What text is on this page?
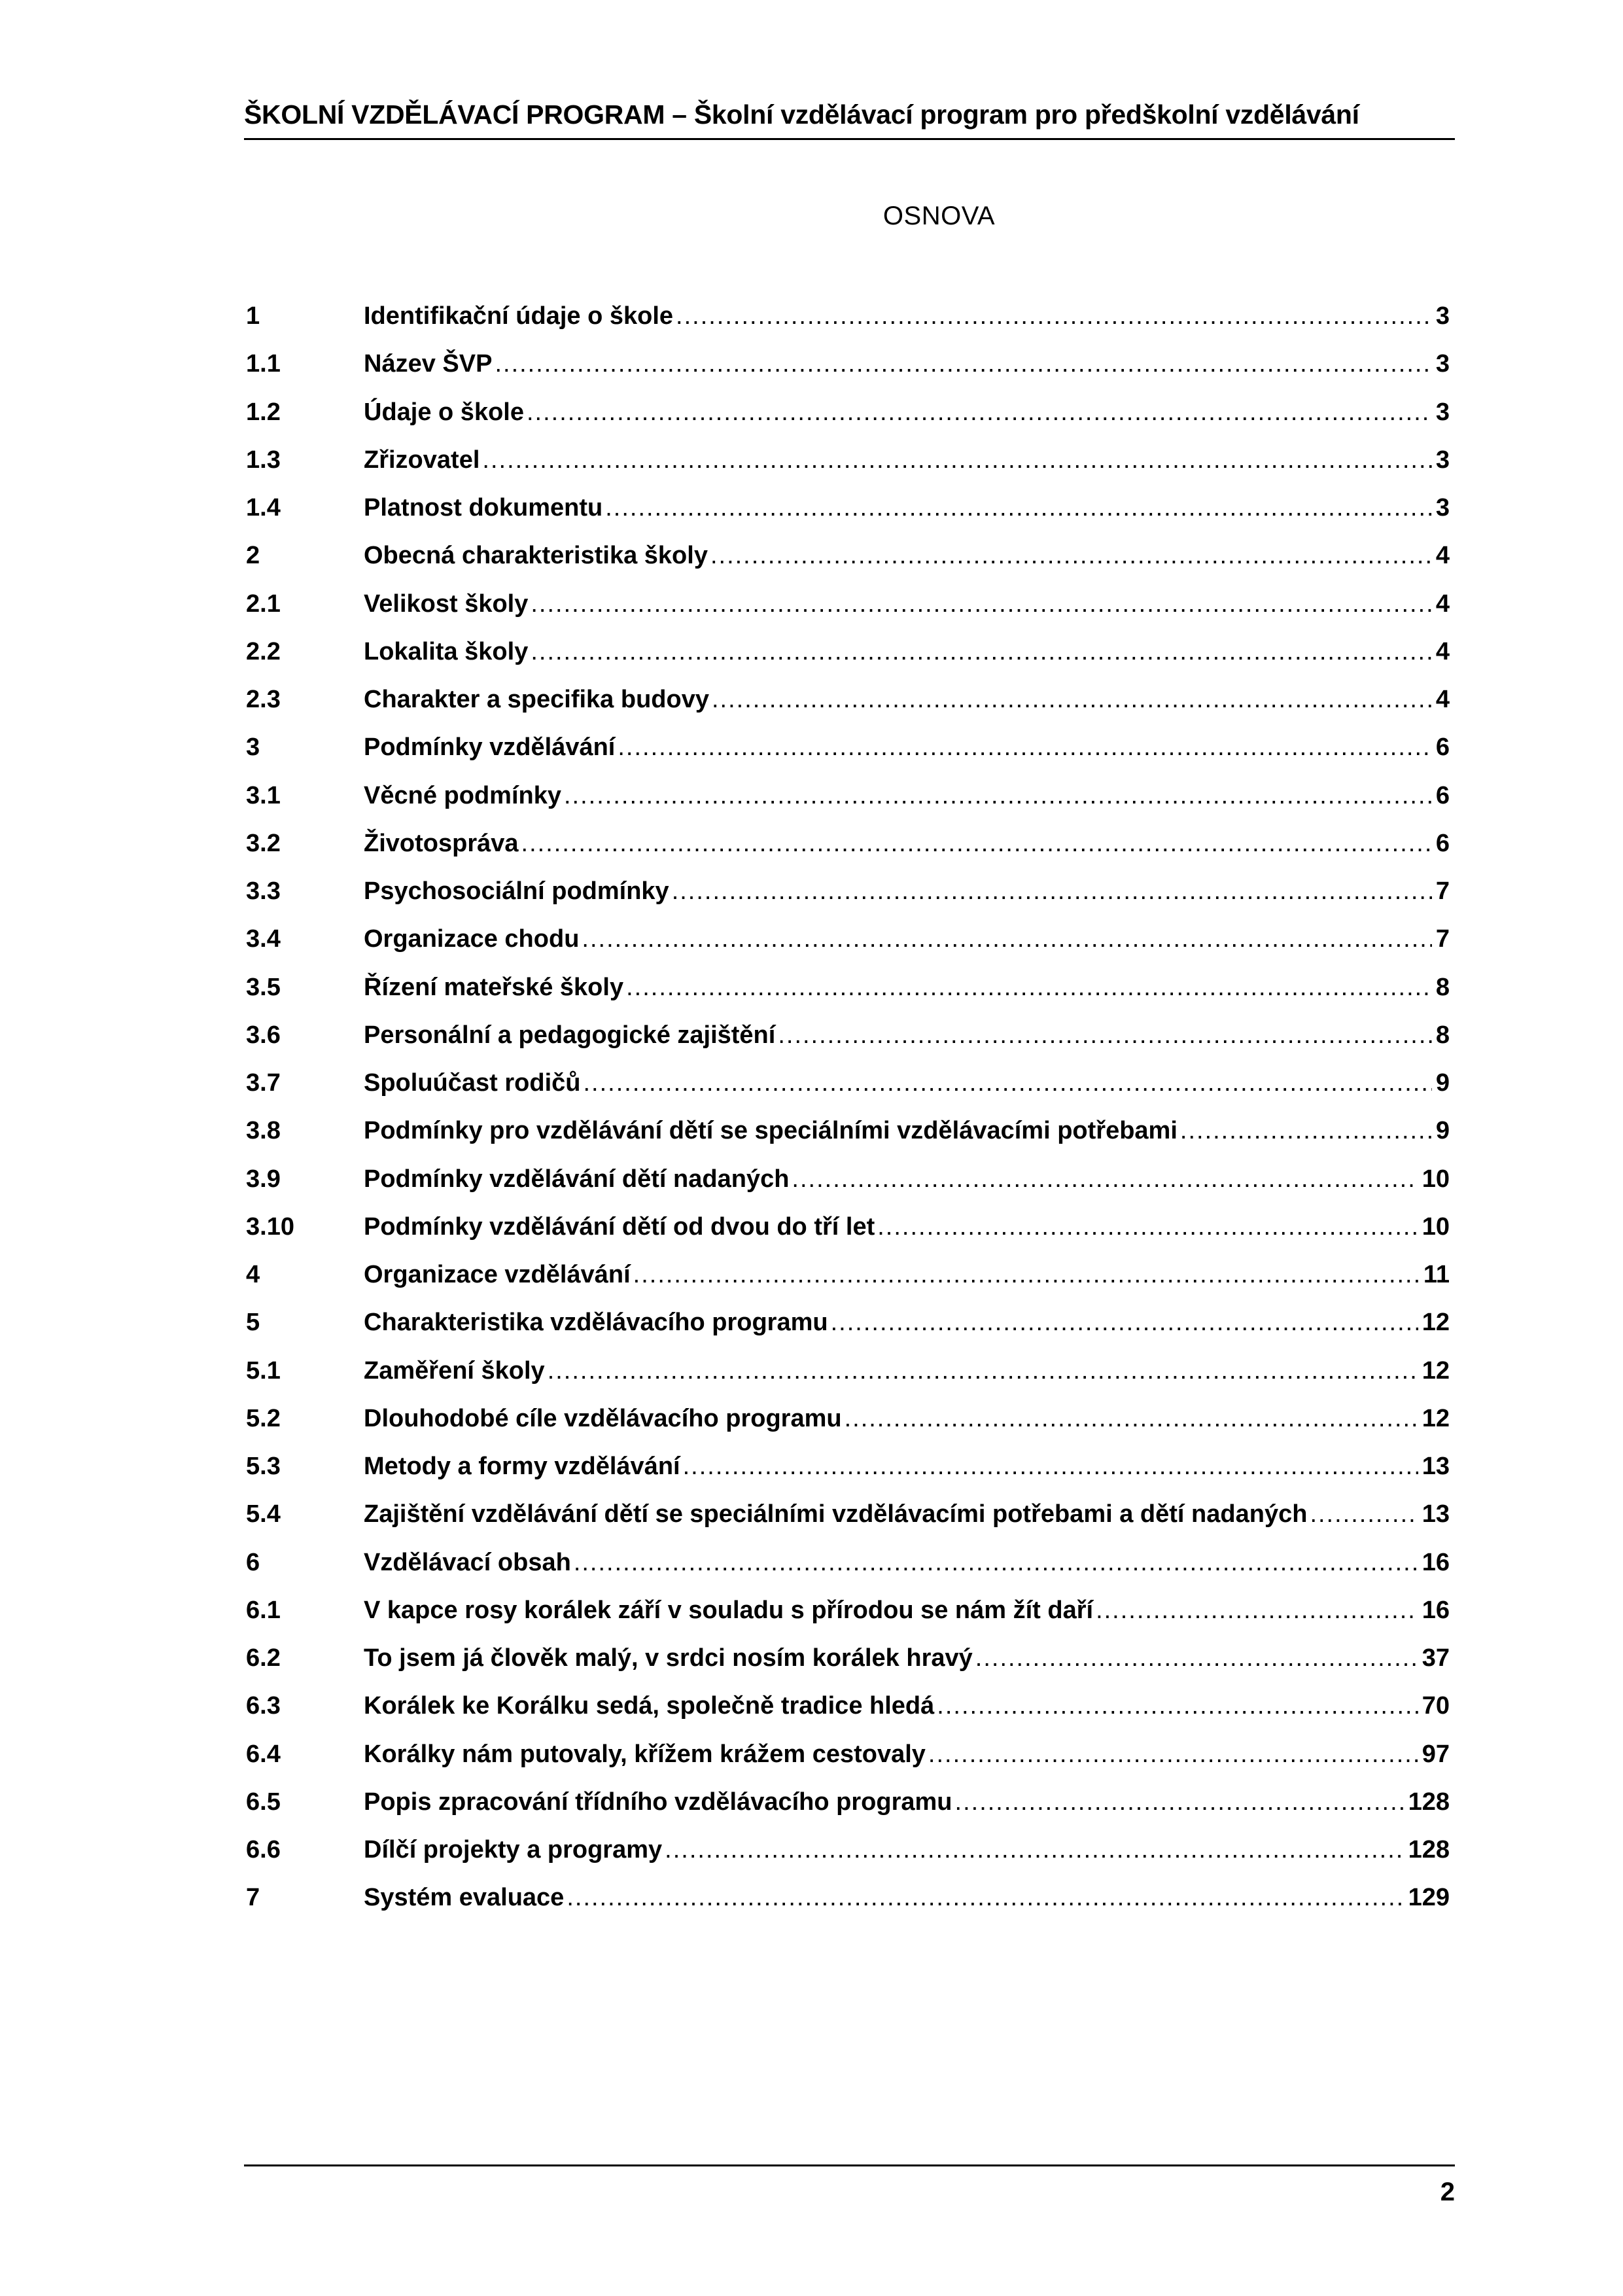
ŠKOLNÍ VZDĚLÁVACÍ PROGRAM – Školní vzdělávací program pro předškolní vzdělávání
OSNOVA
1	Identifikační údaje o škole .....	3
1.1	Název ŠVP .....	3
1.2	Údaje o škole .....	3
1.3	Zřizovatel .....	3
1.4	Platnost dokumentu .....	3
2	Obecná charakteristika školy .....	4
2.1	Velikost školy .....	4
2.2	Lokalita školy .....	4
2.3	Charakter a specifika budovy .....	4
3	Podmínky vzdělávání .....	6
3.1	Věcné podmínky .....	6
3.2	Životospráva .....	6
3.3	Psychosociální podmínky .....	7
3.4	Organizace chodu .....	7
3.5	Řízení mateřské školy .....	8
3.6	Personální a pedagogické zajištění .....	8
3.7	Spoluúčast rodičů .....	9
3.8	Podmínky pro vzdělávání dětí se speciálními vzdělávacími potřebami .....	9
3.9	Podmínky vzdělávání dětí nadaných .....	10
3.10	Podmínky vzdělávání dětí od dvou do tří let .....	10
4	Organizace vzdělávání .....	11
5	Charakteristika vzdělávacího programu .....	12
5.1	Zaměření školy .....	12
5.2	Dlouhodobé cíle vzdělávacího programu .....	12
5.3	Metody a formy vzdělávání .....	13
5.4	Zajištění vzdělávání dětí se speciálními vzdělávacími potřebami a dětí nadaných .....	13
6	Vzdělávací obsah .....	16
6.1	V kapce rosy korálek září v souladu s přírodou se nám žít daří .....	16
6.2	To jsem já člověk malý, v srdci nosím korálek hravý .....	37
6.3	Korálek ke Korálku sedá, společně tradice hledá .....	70
6.4	Korálky nám putovaly, křížem krážem cestovaly .....	97
6.5	Popis zpracování třídního vzdělávacího programu .....	128
6.6	Dílčí projekty a programy .....	128
7	Systém evaluace .....	129
2
